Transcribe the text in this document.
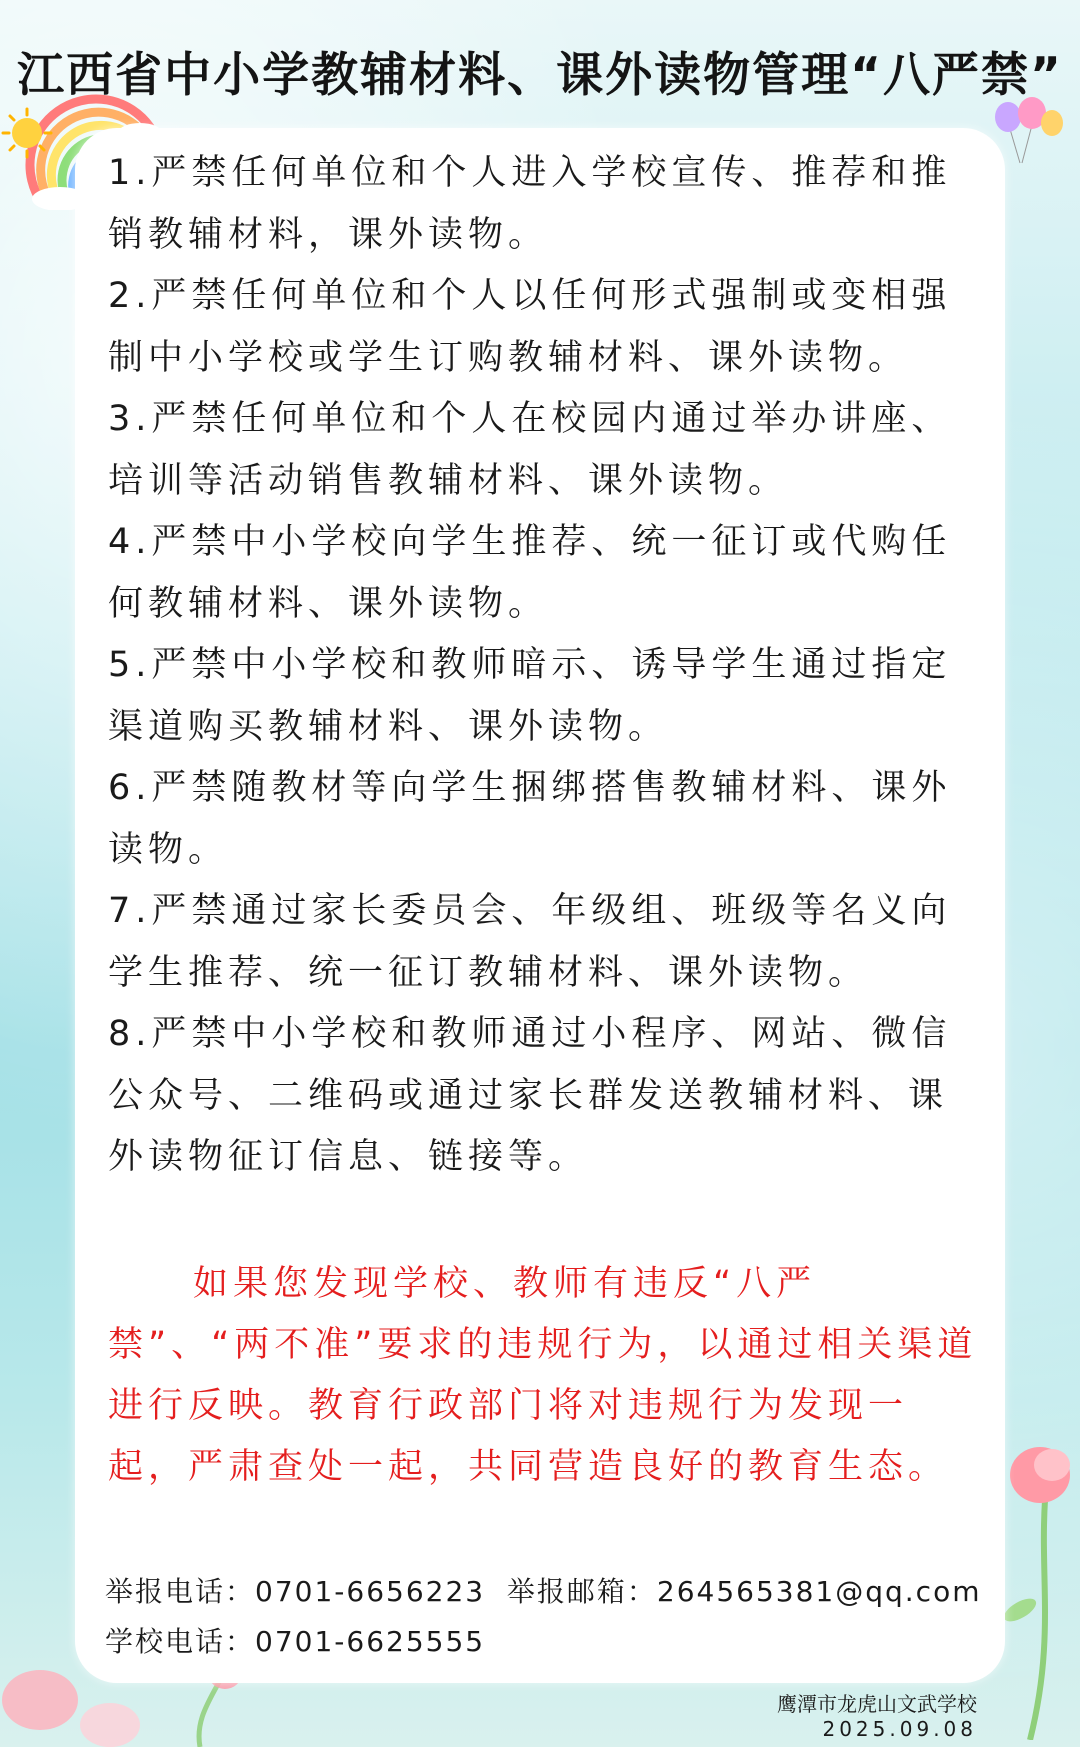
江西省中小学教辅材料、课外读物管理“八严禁”

1.严禁任何单位和个人进入学校宣传、推荐和推销教辅材料，课外读物。

2.严禁任何单位和个人以任何形式强制或变相强制中小学校或学生订购教辅材料、课外读物。

3.严禁任何单位和个人在校园内通过举办讲座、培训等活动销售教辅材料、课外读物。

4.严禁中小学校向学生推荐、统一征订或代购任何教辅材料、课外读物。

5.严禁中小学校和教师暗示、诱导学生通过指定渠道购买教辅材料、课外读物。

6.严禁随教材等向学生捆绑搭售教辅材料、课外读物。

7.严禁通过家长委员会、年级组、班级等名义向学生推荐、统一征订教辅材料、课外读物。

8.严禁中小学校和教师通过小程序、网站、微信公众号、二维码或通过家长群发送教辅材料、课外读物征订信息、链接等。

如果您发现学校、教师有违反“八严禁”、“两不准”要求的违规行为，以通过相关渠道进行反映。教育行政部门将对违规行为发现一起，严肃查处一起，共同营造良好的教育生态。

举报电话：0701-6656223 举报邮箱：264565381@qq.com
学校电话：0701-6625555
鹰潭市龙虎山文武学校
2025.09.08
